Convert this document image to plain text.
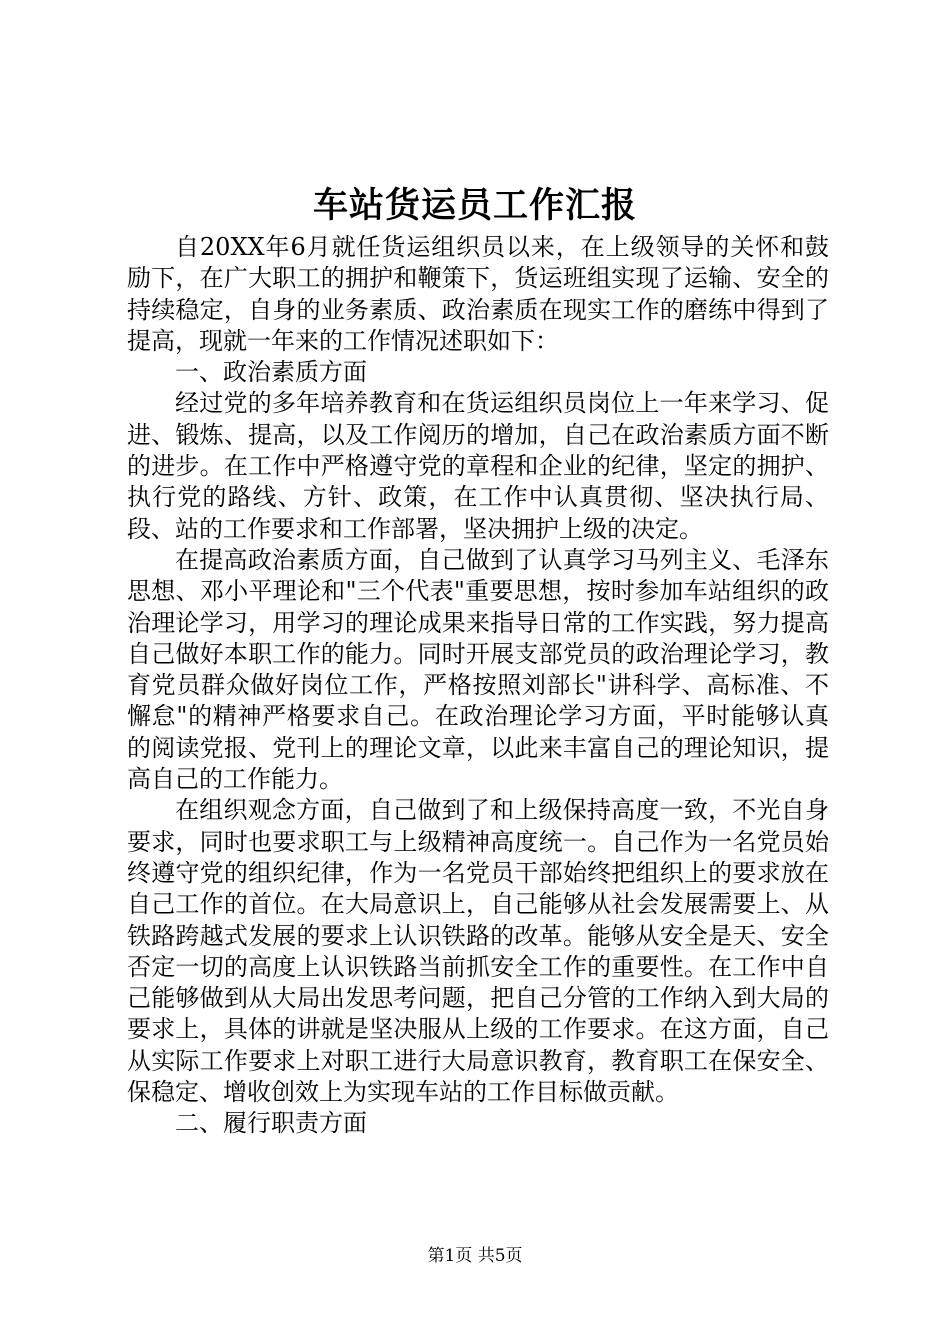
车站货运员工作汇报

自20XX年6月就任货运组织员以来，在上级领导的关怀和鼓励下，在广大职工的拥护和鞭策下，货运班组实现了运输、安全的持续稳定，自身的业务素质、政治素质在现实工作的磨练中得到了提高，现就一年来的工作情况述职如下：

一、政治素质方面

经过党的多年培养教育和在货运组织员岗位上一年来学习、促进、锻炼、提高，以及工作阅历的增加，自己在政治素质方面不断的进步。在工作中严格遵守党的章程和企业的纪律，坚定的拥护、执行党的路线、方针、政策，在工作中认真贯彻、坚决执行局、段、站的工作要求和工作部署，坚决拥护上级的决定。

在提高政治素质方面，自己做到了认真学习马列主义、毛泽东思想、邓小平理论和"三个代表"重要思想，按时参加车站组织的政治理论学习，用学习的理论成果来指导日常的工作实践，努力提高自己做好本职工作的能力。同时开展支部党员的政治理论学习，教育党员群众做好岗位工作，严格按照刘部长"讲科学、高标准、不懈怠"的精神严格要求自己。在政治理论学习方面，平时能够认真的阅读党报、党刊上的理论文章，以此来丰富自己的理论知识，提高自己的工作能力。

在组织观念方面，自己做到了和上级保持高度一致，不光自身要求，同时也要求职工与上级精神高度统一。自己作为一名党员始终遵守党的组织纪律，作为一名党员干部始终把组织上的要求放在自己工作的首位。在大局意识上，自己能够从社会发展需要上、从铁路跨越式发展的要求上认识铁路的改革。能够从安全是天、安全否定一切的高度上认识铁路当前抓安全工作的重要性。在工作中自己能够做到从大局出发思考问题，把自己分管的工作纳入到大局的要求上，具体的讲就是坚决服从上级的工作要求。在这方面，自己从实际工作要求上对职工进行大局意识教育，教育职工在保安全、保稳定、增收创效上为实现车站的工作目标做贡献。

二、履行职责方面

第1页 共5页
